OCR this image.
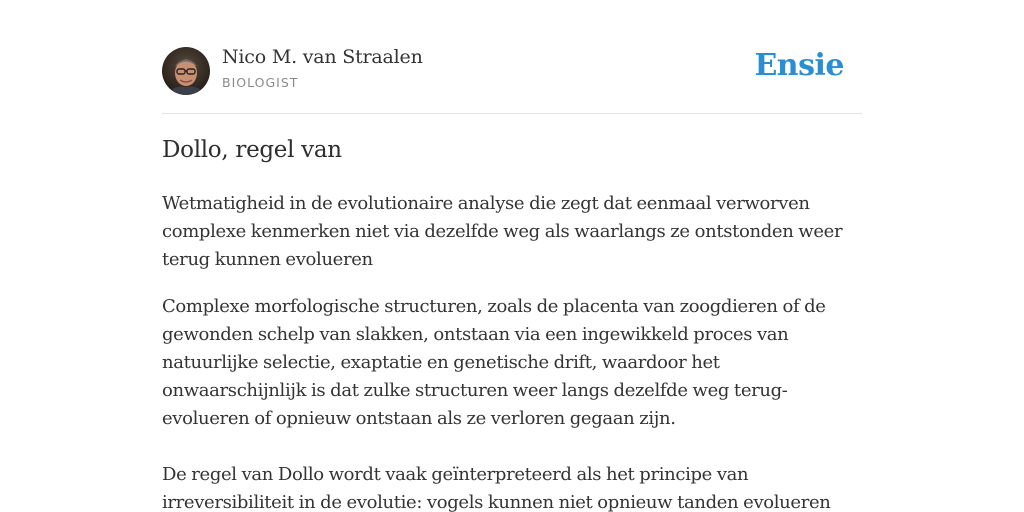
Nico M. van Straalen
BIOLOGIST	Ensie
Dollo, regel van
Wetmatigheid in de evolutionaire analyse die zegt dat eenmaal verworven complexe kenmerken niet via dezelfde weg als waarlangs ze ontstonden weer terug kunnen evolueren
Complexe morfologische structuren, zoals de placenta van zoogdieren of de gewonden schelp van slakken, ontstaan via een ingewikkeld proces van natuurlijke selectie, exaptatie en genetische drift, waardoor het onwaarschijnlijk is dat zulke structuren weer langs dezelfde weg terug-evolueren of opnieuw ontstaan als ze verloren gegaan zijn.
De regel van Dollo wordt vaak geïnterpreteerd als het principe van irreversibiliteit in de evolutie: vogels kunnen niet opnieuw tanden evolueren
